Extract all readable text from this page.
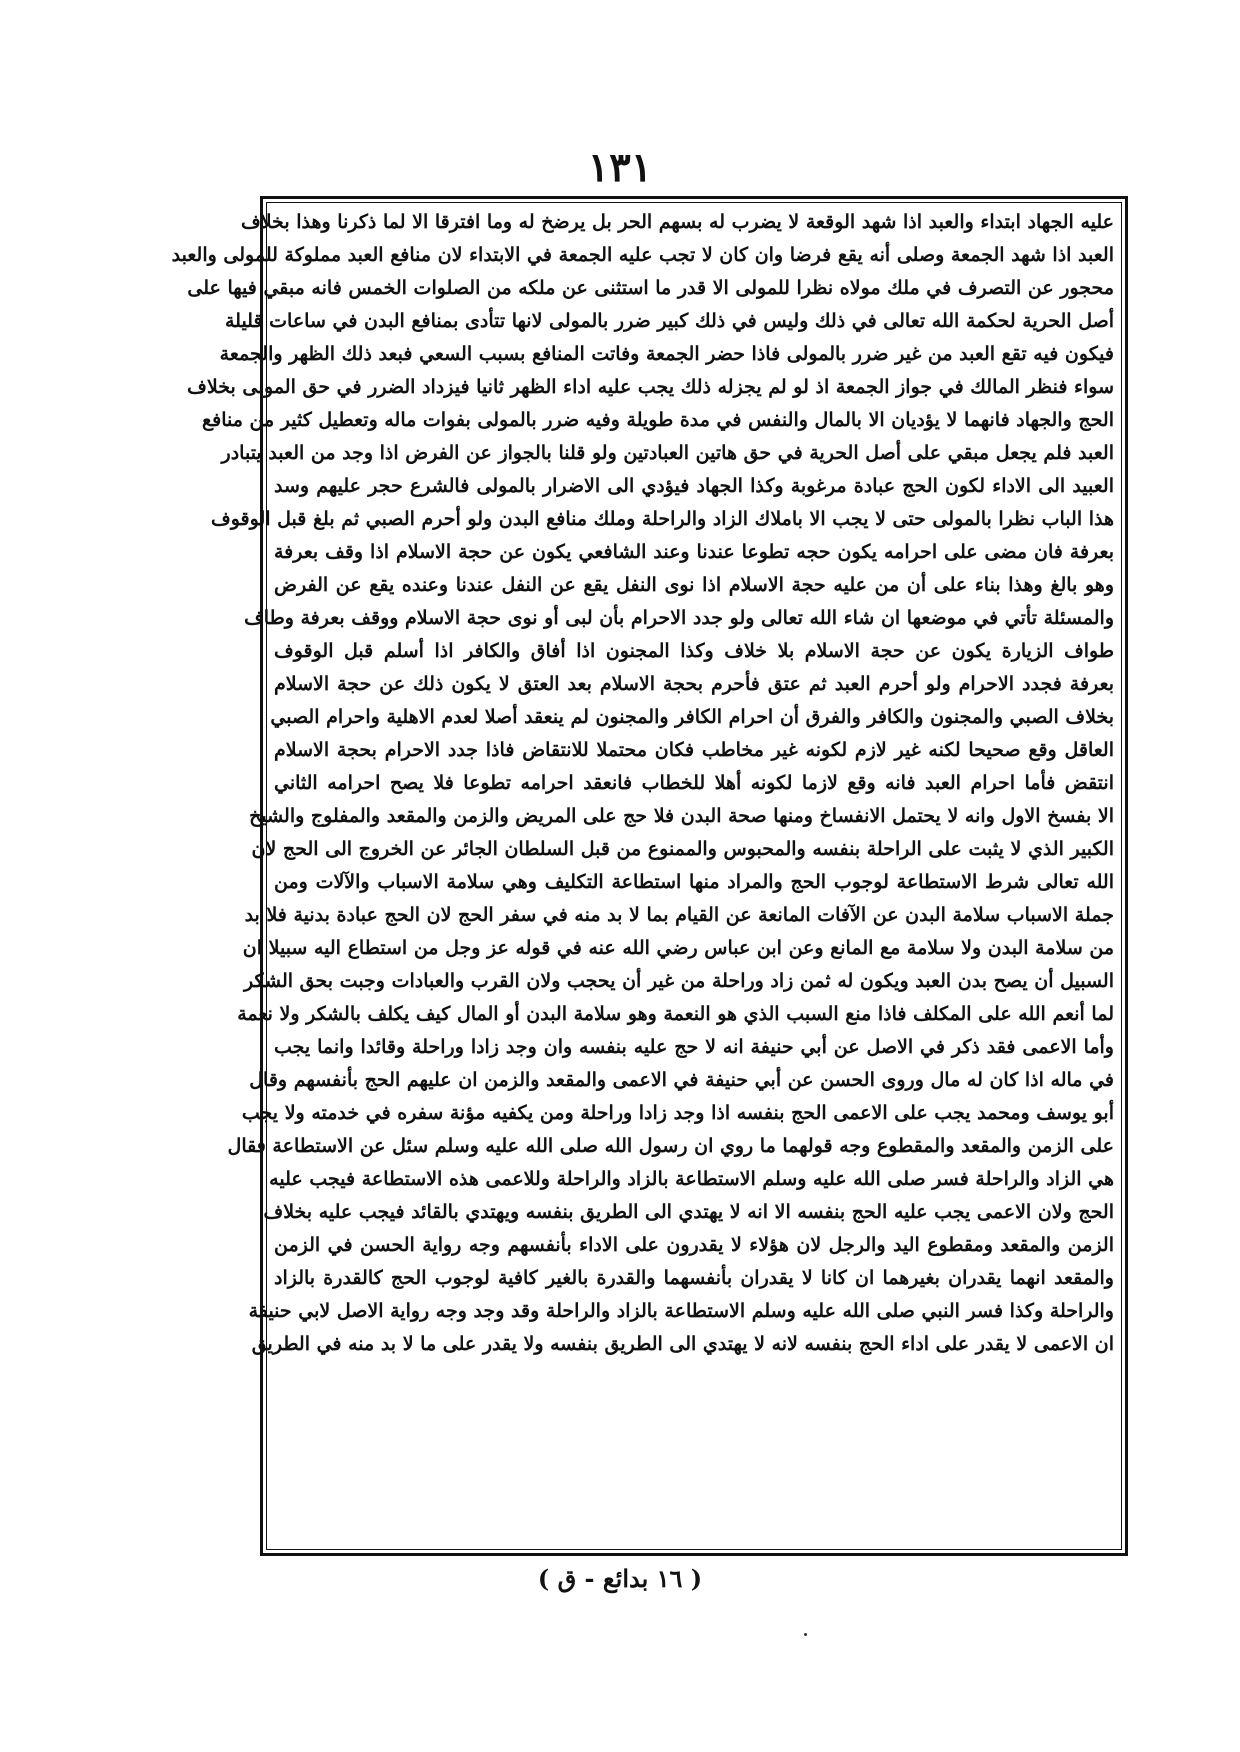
١٣١

عليه الجهاد ابتداء والعبد اذا شهد الوقعة لا يضرب له بسهم الحر بل يرضخ له وما افترقا الا لما ذكرنا وهذا بخلاف

العبد اذا شهد الجمعة وصلى أنه يقع فرضا وان كان لا تجب عليه الجمعة في الابتداء لان منافع العبد مملوكة للمولى والعبد

محجور عن التصرف في ملك مولاه نظرا للمولى الا قدر ما استثنى عن ملكه من الصلوات الخمس فانه مبقي فيها على

أصل الحرية لحكمة الله تعالى في ذلك وليس في ذلك كبير ضرر بالمولى لانها تتأدى بمنافع البدن في ساعات قليلة

فيكون فيه تقع العبد من غير ضرر بالمولى فاذا حضر الجمعة وفاتت المنافع بسبب السعي فبعد ذلك الظهر والجمعة

سواء فنظر المالك في جواز الجمعة اذ لو لم يجزله ذلك يجب عليه اداء الظهر ثانيا فيزداد الضرر في حق المولى بخلاف

الحج والجهاد فانهما لا يؤديان الا بالمال والنفس في مدة طويلة وفيه ضرر بالمولى بفوات ماله وتعطيل كثير من منافع

العبد فلم يجعل مبقي على أصل الحرية في حق هاتين العبادتين ولو قلنا بالجواز عن الفرض اذا وجد من العبد يتبادر

العبيد الى الاداء لكون الحج عبادة مرغوبة وكذا الجهاد فيؤدي الى الاضرار بالمولى فالشرع حجر عليهم وسد

هذا الباب نظرا بالمولى حتى لا يجب الا باملاك الزاد والراحلة وملك منافع البدن ولو أحرم الصبي ثم بلغ قبل الوقوف

بعرفة فان مضى على احرامه يكون حجه تطوعا عندنا وعند الشافعي يكون عن حجة الاسلام اذا وقف بعرفة

وهو بالغ وهذا بناء على أن من عليه حجة الاسلام اذا نوى النفل يقع عن النفل عندنا وعنده يقع عن الفرض

والمسئلة تأتي في موضعها ان شاء الله تعالى ولو جدد الاحرام بأن لبى أو نوى حجة الاسلام ووقف بعرفة وطاف

طواف الزيارة يكون عن حجة الاسلام بلا خلاف وكذا المجنون اذا أفاق والكافر اذا أسلم قبل الوقوف

بعرفة فجدد الاحرام ولو أحرم العبد ثم عتق فأحرم بحجة الاسلام بعد العتق لا يكون ذلك عن حجة الاسلام

بخلاف الصبي والمجنون والكافر والفرق أن احرام الكافر والمجنون لم ينعقد أصلا لعدم الاهلية واحرام الصبي

العاقل وقع صحيحا لكنه غير لازم لكونه غير مخاطب فكان محتملا للانتقاض فاذا جدد الاحرام بحجة الاسلام

انتقض فأما احرام العبد فانه وقع لازما لكونه أهلا للخطاب فانعقد احرامه تطوعا فلا يصح احرامه الثاني

الا بفسخ الاول وانه لا يحتمل الانفساخ ومنها صحة البدن فلا حج على المريض والزمن والمقعد والمفلوج والشيخ

الكبير الذي لا يثبت على الراحلة بنفسه والمحبوس والممنوع من قبل السلطان الجائر عن الخروج الى الحج لان

الله تعالى شرط الاستطاعة لوجوب الحج والمراد منها استطاعة التكليف وهي سلامة الاسباب والآلات ومن

جملة الاسباب سلامة البدن عن الآفات المانعة عن القيام بما لا بد منه في سفر الحج لان الحج عبادة بدنية فلا بد

من سلامة البدن ولا سلامة مع المانع وعن ابن عباس رضي الله عنه في قوله عز وجل من استطاع اليه سبيلا ان

السبيل أن يصح بدن العبد ويكون له ثمن زاد وراحلة من غير أن يحجب ولان القرب والعبادات وجبت بحق الشكر

لما أنعم الله على المكلف فاذا منع السبب الذي هو النعمة وهو سلامة البدن أو المال كيف يكلف بالشكر ولا نعمة

وأما الاعمى فقد ذكر في الاصل عن أبي حنيفة انه لا حج عليه بنفسه وان وجد زادا وراحلة وقائدا وانما يجب

في ماله اذا كان له مال وروى الحسن عن أبي حنيفة في الاعمى والمقعد والزمن ان عليهم الحج بأنفسهم وقال

أبو يوسف ومحمد يجب على الاعمى الحج بنفسه اذا وجد زادا وراحلة ومن يكفيه مؤنة سفره في خدمته ولا يجب

على الزمن والمقعد والمقطوع وجه قولهما ما روي ان رسول الله صلى الله عليه وسلم سئل عن الاستطاعة فقال

هي الزاد والراحلة فسر صلى الله عليه وسلم الاستطاعة بالزاد والراحلة وللاعمى هذه الاستطاعة فيجب عليه

الحج ولان الاعمى يجب عليه الحج بنفسه الا انه لا يهتدي الى الطريق بنفسه ويهتدي بالقائد فيجب عليه بخلاف

الزمن والمقعد ومقطوع اليد والرجل لان هؤلاء لا يقدرون على الاداء بأنفسهم وجه رواية الحسن في الزمن

والمقعد انهما يقدران بغيرهما ان كانا لا يقدران بأنفسهما والقدرة بالغير كافية لوجوب الحج كالقدرة بالزاد

والراحلة وكذا فسر النبي صلى الله عليه وسلم الاستطاعة بالزاد والراحلة وقد وجد وجه رواية الاصل لابي حنيفة

ان الاعمى لا يقدر على اداء الحج بنفسه لانه لا يهتدي الى الطريق بنفسه ولا يقدر على ما لا بد منه في الطريق

( ١٦ بدائع - ق )
